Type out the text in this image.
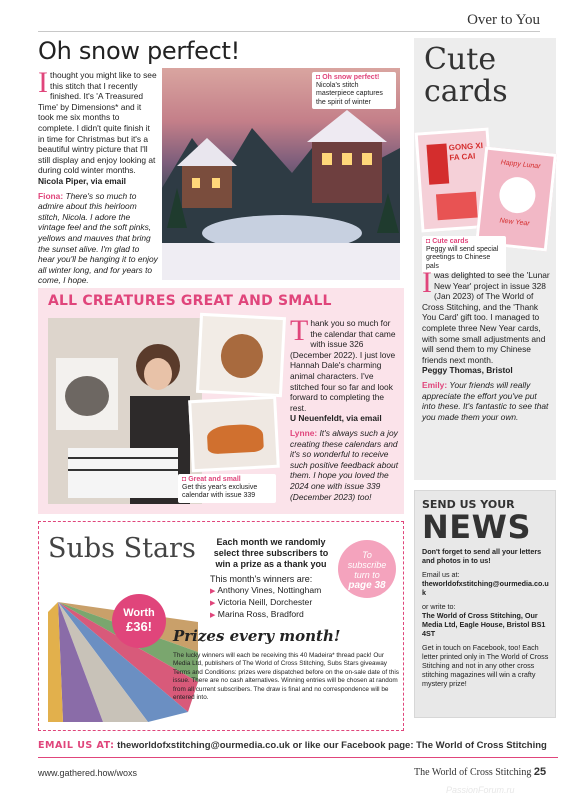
Over to You
Oh snow perfect!
Ithought you might like to see this stitch that I recently finished. It's 'A Treasured Time' by Dimensions* and it took me six months to complete. I didn't quite finish it in time for Christmas but it's a beautiful wintry picture that I'll still display and enjoy looking at during cold winter months.
Nicola Piper, via email
Fiona: There's so much to admire about this heirloom stitch, Nicola. I adore the vintage feel and the soft pinks, yellows and mauves that bring the sunset alive. I'm glad to hear you'll be hanging it to enjoy all winter long, and for years to come, I hope.
◘ Oh snow perfect!
Nicola's stitch masterpiece captures the spirit of winter
Cute cards
GONG XI FA CAI
Happy Lunar
New Year
◘ Cute cards
Peggy will send special greetings to Chinese pals
Iwas delighted to see the 'Lunar New Year' project in issue 328 (Jan 2023) of The World of Cross Stitching, and the 'Thank You Card' gift too. I managed to complete three New Year cards, with some small adjustments and will send them to my Chinese friends next month.
Peggy Thomas, Bristol
Emily: Your friends will really appreciate the effort you've put into these. It's fantastic to see that you made them your own.
ALL CREATURES GREAT AND SMALL
◘ Great and small
Get this year's exclusive calendar with issue 339
Thank you so much for the calendar that came with issue 326 (December 2022). I just love Hannah Dale's charming animal characters. I've stitched four so far and look forward to completing the rest.
U Neuenfeldt, via email
Lynne: It's always such a joy creating these calendars and it's so wonderful to receive such positive feedback about them. I hope you loved the 2024 one with issue 339 (December 2023) too!
Subs Stars
Worth
£36!
Each month we randomly select three subscribers to win a prize as a thank you
To subscribe turn to
page 38
This month's winners are:
▶ Anthony Vines, Nottingham
▶ Victoria Neill, Dorchester
▶ Marina Ross, Bradford
Prizes every month!
The lucky winners will each be receiving this 40 Madeira* thread pack! Our Media Ltd, publishers of The World of Cross Stitching, Subs Stars giveaway Terms and Conditions: prizes were dispatched before on the on-sale date of this issue. There are no cash alternatives. Winning entries will be chosen at random from all current subscribers. The draw is final and no correspondence will be entered into.
SEND US YOUR
NEWS

Don't forget to send all your letters and photos in to us!

Email us at:
theworldofxstitching@ourmedia.co.uk

or write to:
The World of Cross Stitching, Our Media Ltd, Eagle House, Bristol BS1 4ST

Get in touch on Facebook, too! Each letter printed only in The World of Cross Stitching and not in any other cross stitching magazines will win a crafty mystery prize!

EMAIL US AT: theworldofxstitching@ourmedia.co.uk or like our Facebook page: The World of Cross Stitching
www.gathered.how/woxs	The World of Cross Stitching 25
PassionForum.ru
